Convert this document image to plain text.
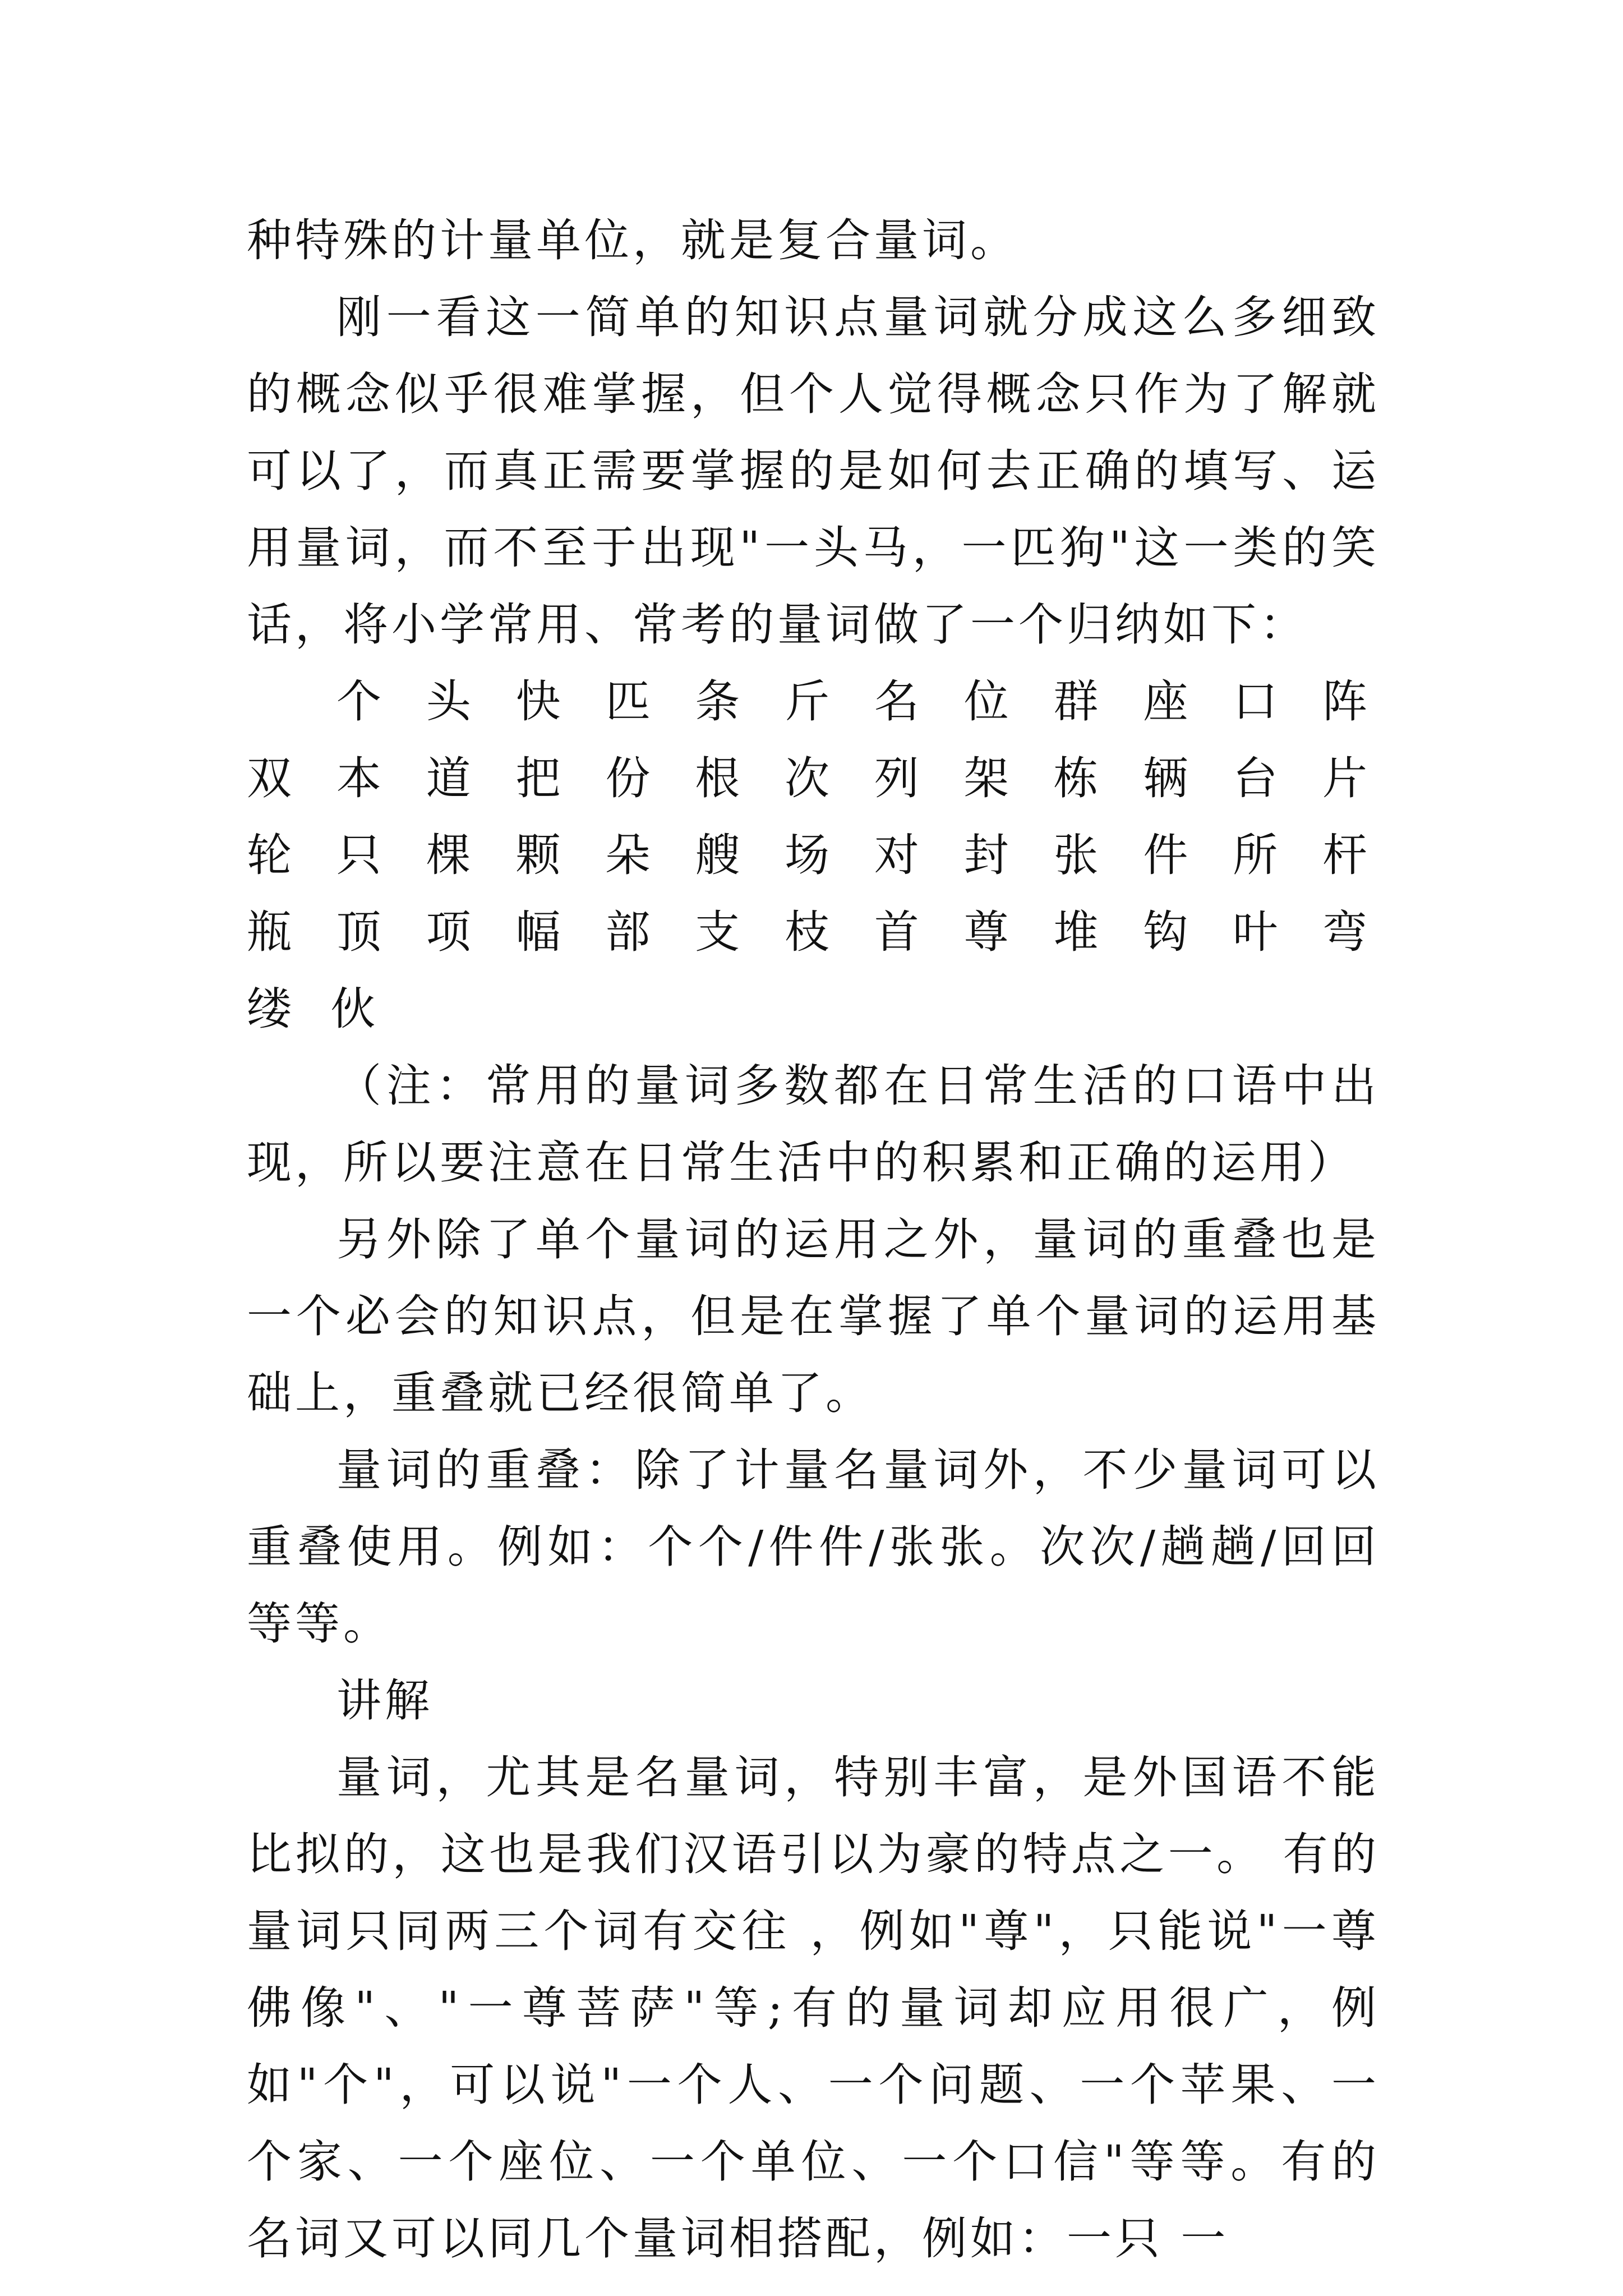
种特殊的计量单位，就是复合量词。

刚一看这一简单的知识点量词就分成这么多细致的概念似乎很难掌握，但个人觉得概念只作为了解就可以了，而真正需要掌握的是如何去正确的填写、运用量词，而不至于出现"一头马，一匹狗"这一类的笑话，将小学常用、常考的量词做了一个归纳如下：

个 头 快 匹 条 斤 名 位 群 座 口 阵 双 本 道 把 份 根 次 列 架 栋 辆 台 片 轮 只 棵 颗 朵 艘 场 对 封 张 件 所 杆 瓶 顶 项 幅 部 支 枝 首 尊 堆 钩 叶 弯 缕 伙

（注：常用的量词多数都在日常生活的口语中出现，所以要注意在日常生活中的积累和正确的运用）

另外除了单个量词的运用之外，量词的重叠也是一个必会的知识点，但是在掌握了单个量词的运用基础上，重叠就已经很简单了。

量词的重叠：除了计量名量词外，不少量词可以重叠使用。例如：个个/件件/张张。次次/趟趟/回回等等。

讲解

量词，尤其是名量词，特别丰富，是外国语不能比拟的，这也是我们汉语引以为豪的特点之一。 有的量词只同两三个词有交往 ，例如"尊"，只能说"一尊佛像"、"一尊菩萨"等;有的量词却应用很广，例如"个"，可以说"一个人、一个问题、一个苹果、一个家、一个座位、一个单位、一个口信"等等。有的名词又可以同几个量词相搭配，例如：一只 一
